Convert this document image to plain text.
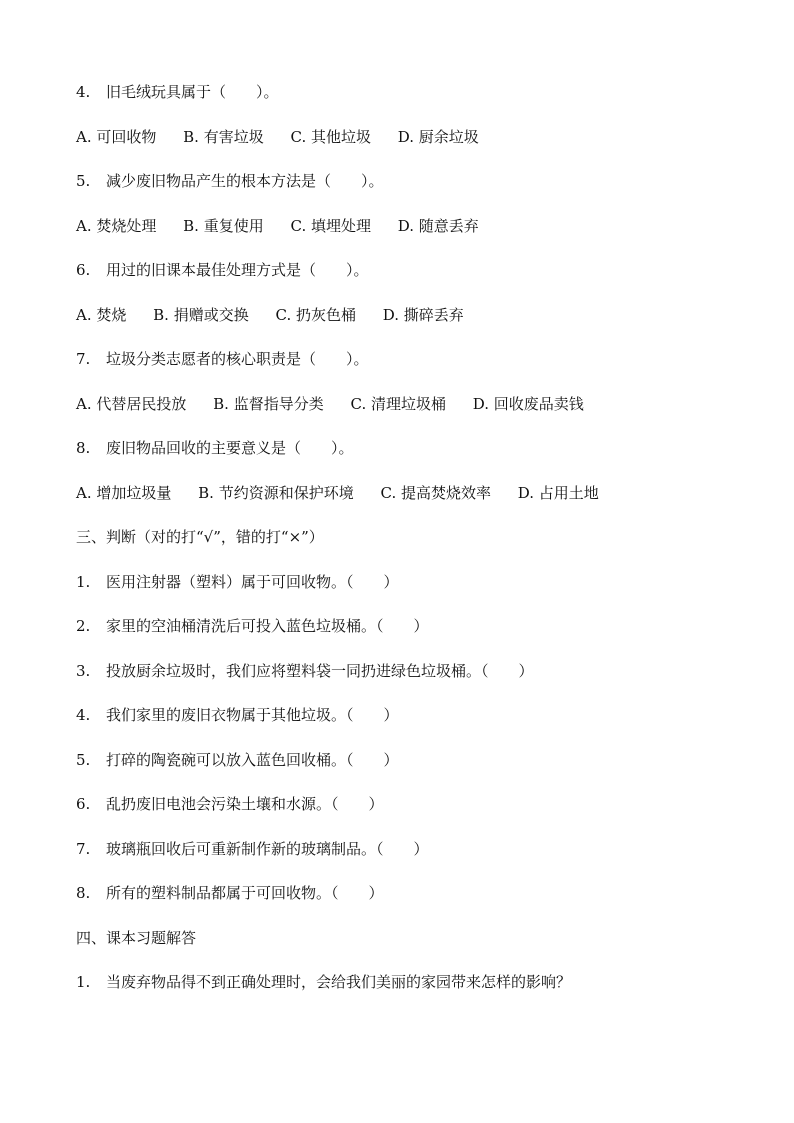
4. 旧毛绒玩具属于（　　）。
A. 可回收物 B. 有害垃圾 C. 其他垃圾 D. 厨余垃圾
5. 减少废旧物品产生的根本方法是（　　）。
A. 焚烧处理 B. 重复使用 C. 填埋处理 D. 随意丢弃
6. 用过的旧课本最佳处理方式是（　　）。
A. 焚烧 B. 捐赠或交换 C. 扔灰色桶 D. 撕碎丢弃
7. 垃圾分类志愿者的核心职责是（　　）。
A. 代替居民投放 B. 监督指导分类 C. 清理垃圾桶 D. 回收废品卖钱
8. 废旧物品回收的主要意义是（　　）。
A. 增加垃圾量 B. 节约资源和保护环境 C. 提高焚烧效率 D. 占用土地
三、判断（对的打“√”，错的打“×”）
1. 医用注射器（塑料）属于可回收物。（　　）
2. 家里的空油桶清洗后可投入蓝色垃圾桶。（　　）
3. 投放厨余垃圾时，我们应将塑料袋一同扔进绿色垃圾桶。（　　）
4. 我们家里的废旧衣物属于其他垃圾。（　　）
5. 打碎的陶瓷碗可以放入蓝色回收桶。（　　）
6. 乱扔废旧电池会污染土壤和水源。（　　）
7. 玻璃瓶回收后可重新制作新的玻璃制品。（　　）
8. 所有的塑料制品都属于可回收物。（　　）
四、课本习题解答
1. 当废弃物品得不到正确处理时，会给我们美丽的家园带来怎样的影响？
